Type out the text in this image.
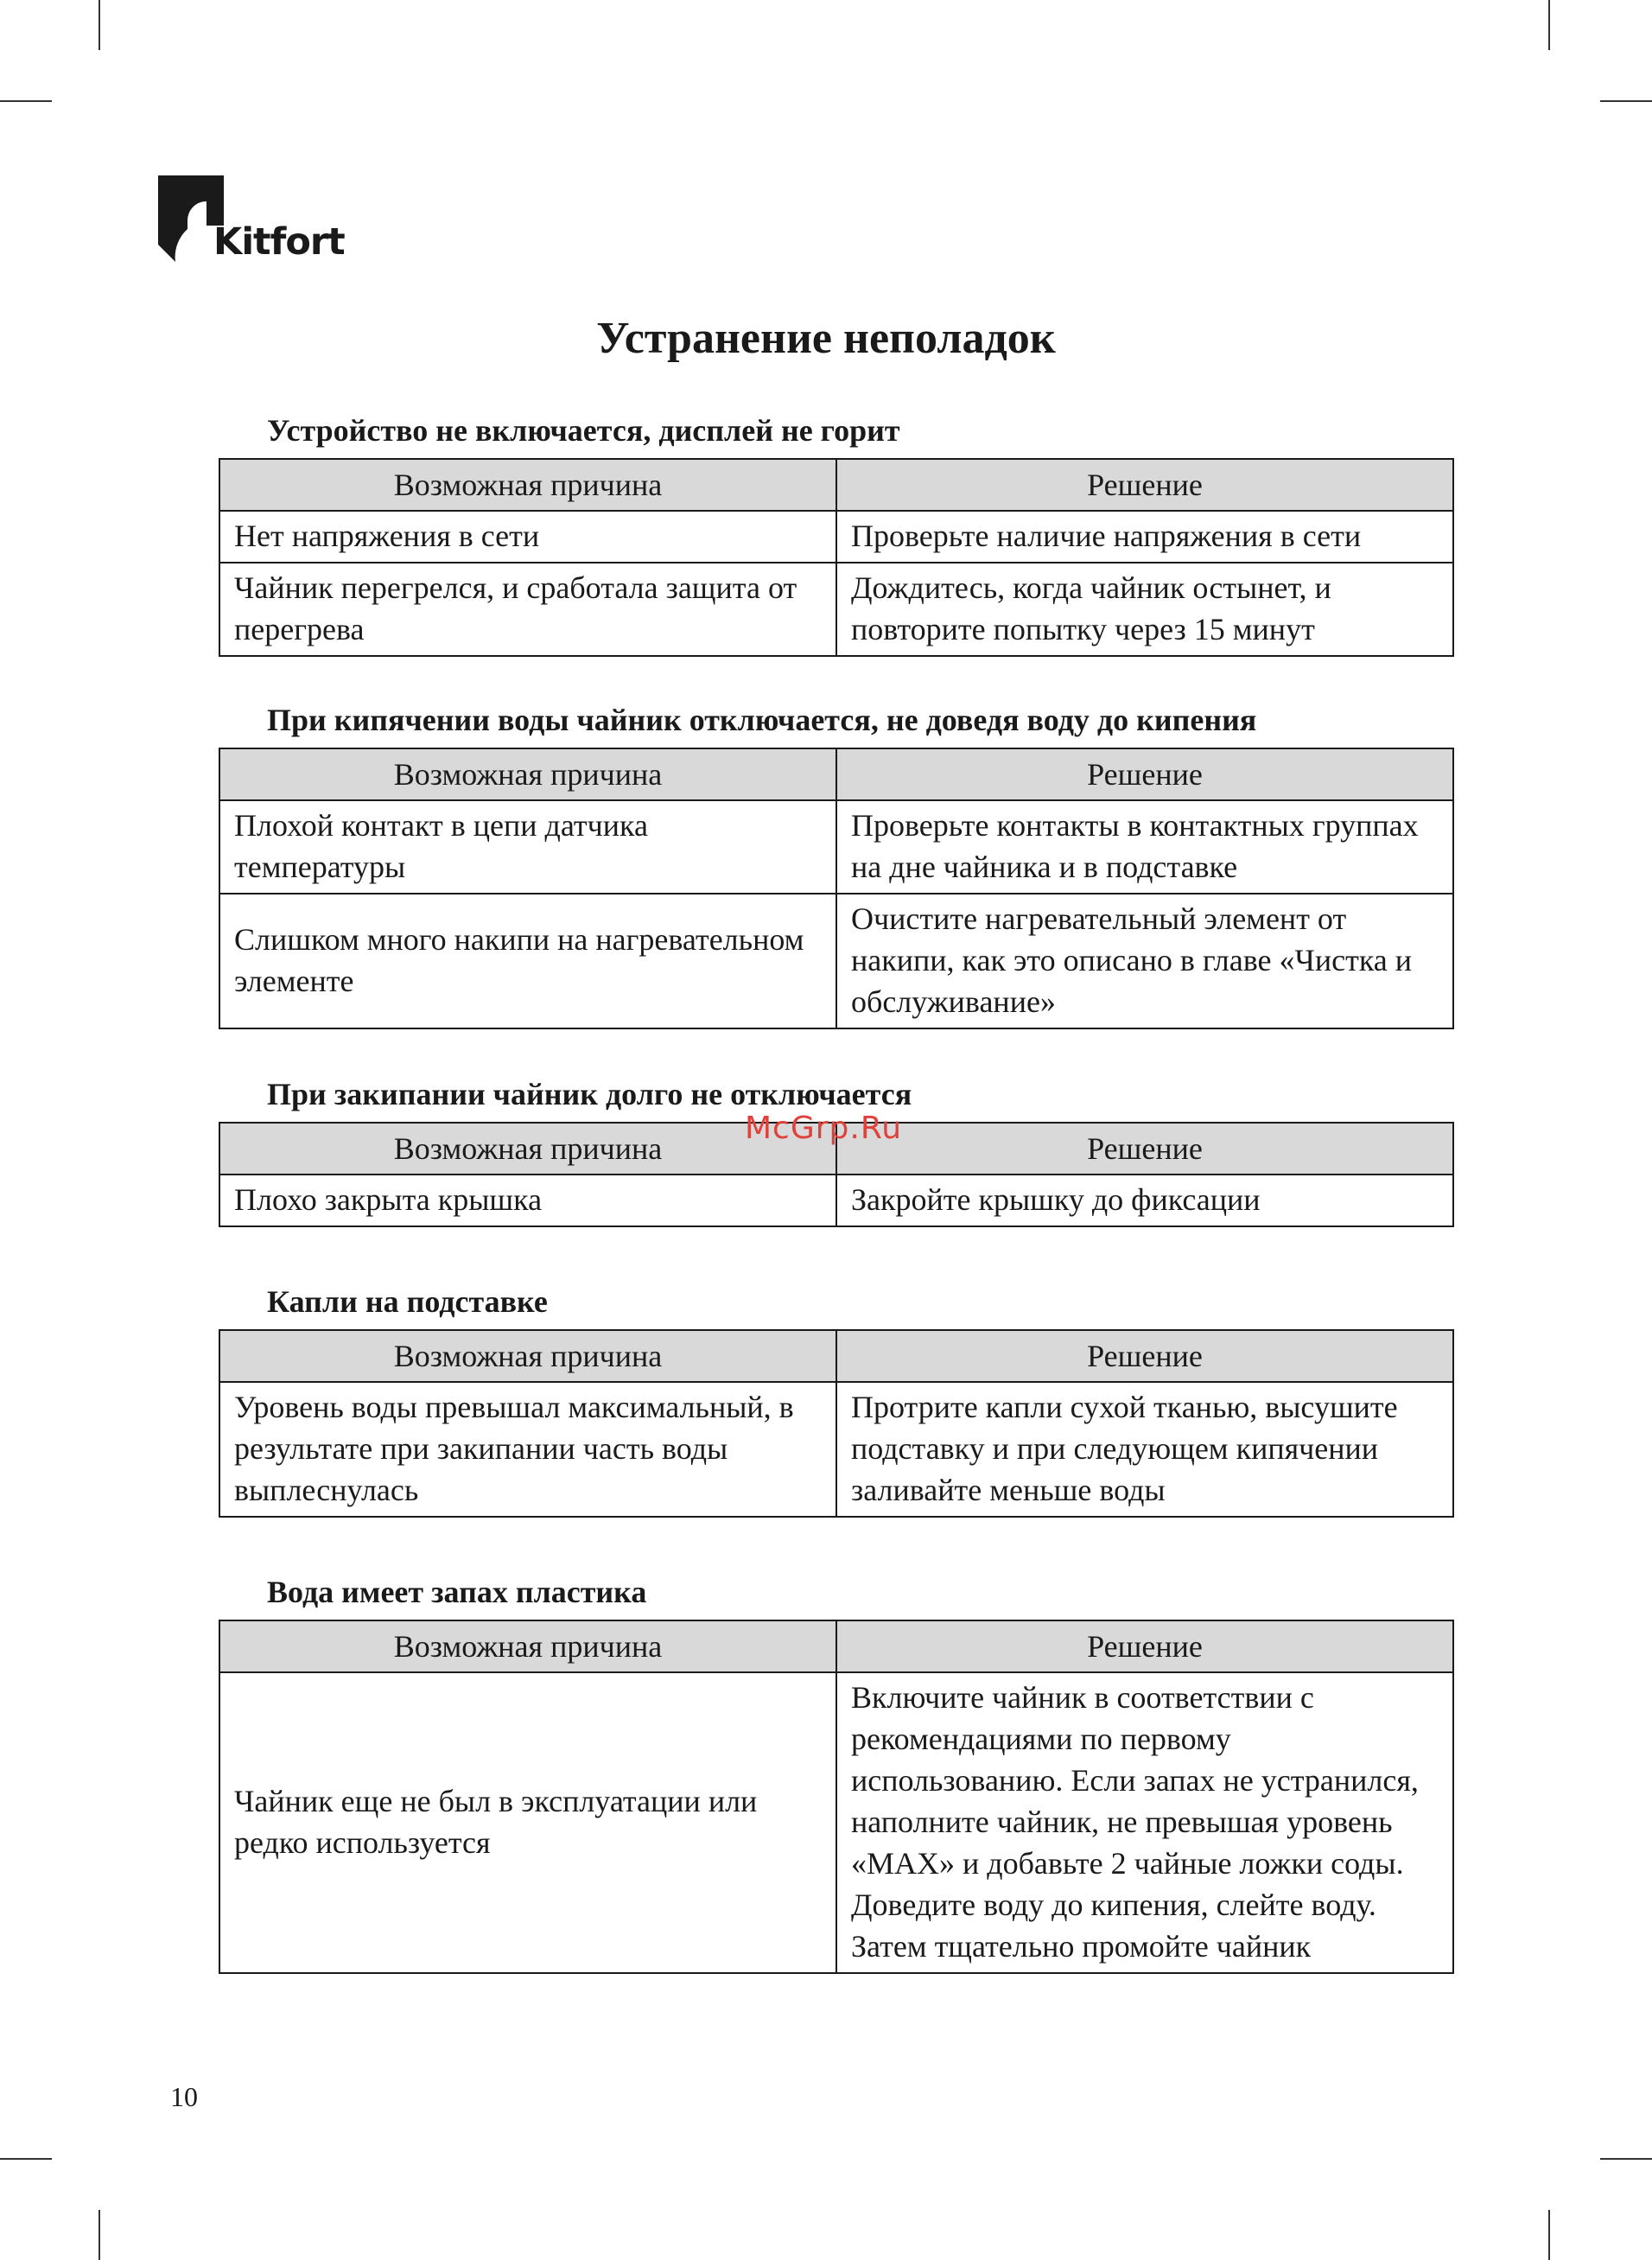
Kitfort
Устранение неполадок
Устройство не включается, дисплей не горит
Возможная причина	Решение
Нет напряжения в сети	Проверьте наличие напряжения в сети
Чайник перегрелся, и сработала защита от перегрева	Дождитесь, когда чайник остынет, и повторите попытку через 15 минут
При кипячении воды чайник отключается, не доведя воду до кипения
Возможная причина	Решение
Плохой контакт в цепи датчика температуры	Проверьте контакты в контактных группах на дне чайника и в подставке
Слишком много накипи на нагревательном элементе	Очистите нагревательный элемент от накипи, как это описано в главе «Чистка и обслуживание»
При закипании чайник долго не отключается
Возможная причина	Решение
Плохо закрыта крышка	Закройте крышку до фиксации
Капли на подставке
Возможная причина	Решение
Уровень воды превышал максимальный, в результате при закипании часть воды выплеснулась	Протрите капли сухой тканью, высушите подставку и при следующем кипячении заливайте меньше воды
Вода имеет запах пластика
Возможная причина	Решение
Чайник еще не был в эксплуатации или редко используется	Включите чайник в соответствии с рекомендациями по первому использованию. Если запах не устранился, наполните чайник, не превышая уровень «MAX» и добавьте 2 чайные ложки соды. Доведите воду до кипения, слейте воду. Затем тщательно промойте чайник
McGrp.Ru
10
